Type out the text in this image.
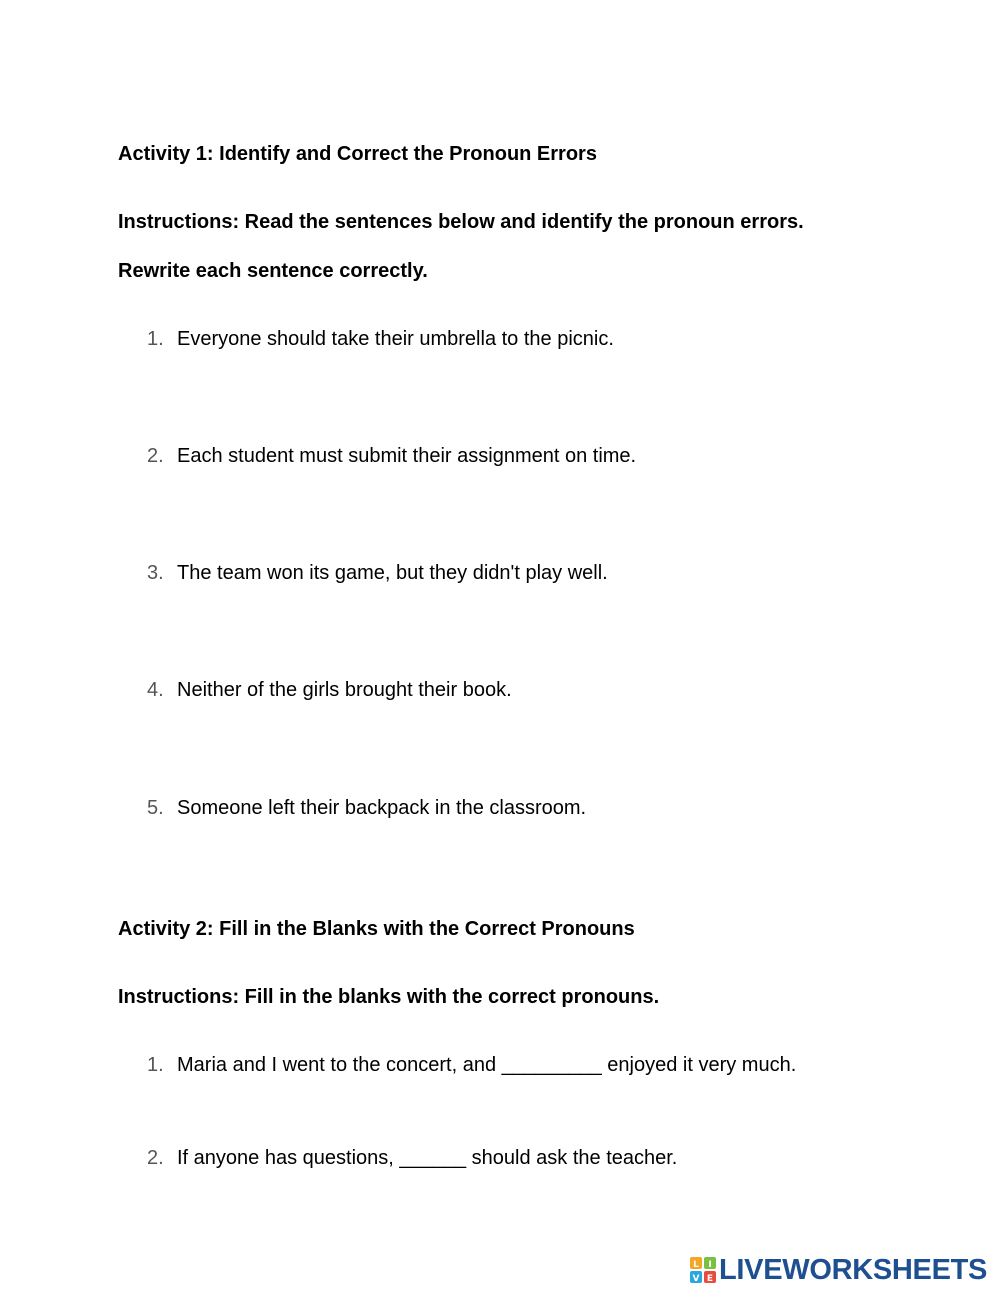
Activity 1: Identify and Correct the Pronoun Errors
Instructions: Read the sentences below and identify the pronoun errors.
Rewrite each sentence correctly.
1. Everyone should take their umbrella to the picnic.
2. Each student must submit their assignment on time.
3. The team won its game, but they didn't play well.
4. Neither of the girls brought their book.
5. Someone left their backpack in the classroom.
Activity 2: Fill in the Blanks with the Correct Pronouns
Instructions: Fill in the blanks with the correct pronouns.
1. Maria and I went to the concert, and _________ enjoyed it very much.
2. If anyone has questions, ______ should ask the teacher.
L I
V E LIVEWORKSHEETS
